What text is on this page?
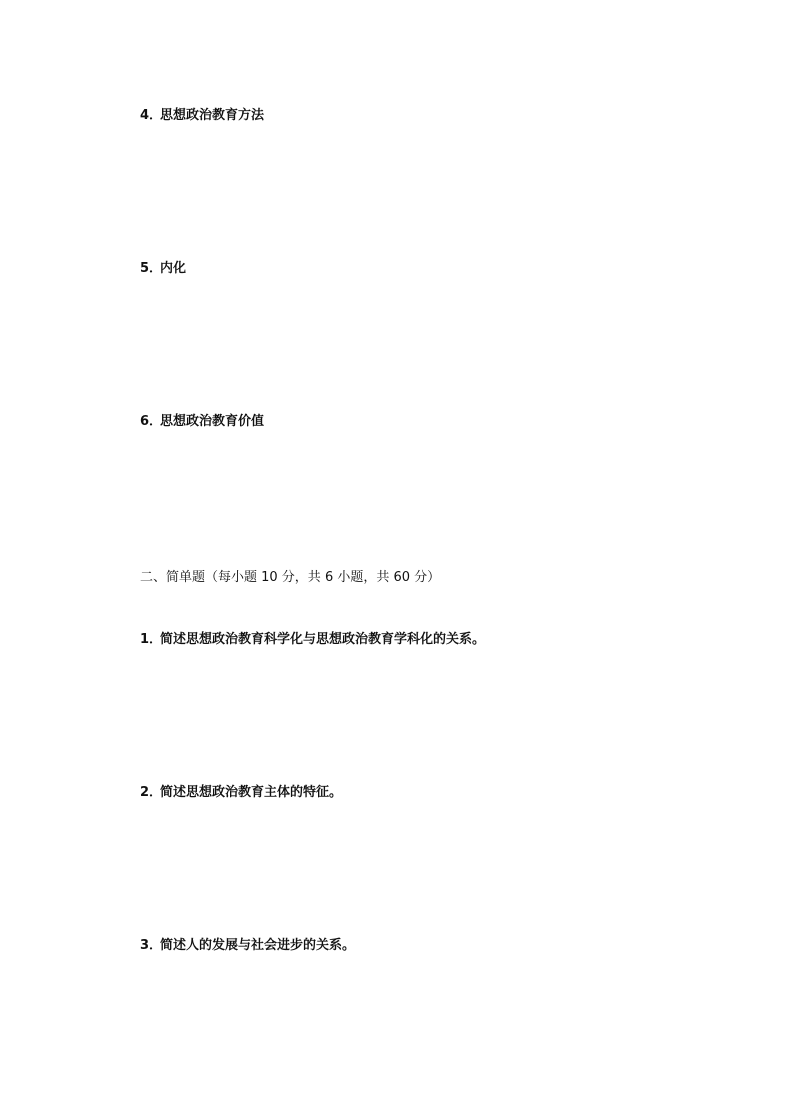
4．思想政治教育方法

5．内化

6．思想政治教育价值

二、简单题（每小题 10 分，共 6 小题，共 60 分）

1．简述思想政治教育科学化与思想政治教育学科化的关系。

2．简述思想政治教育主体的特征。

3．简述人的发展与社会进步的关系。
